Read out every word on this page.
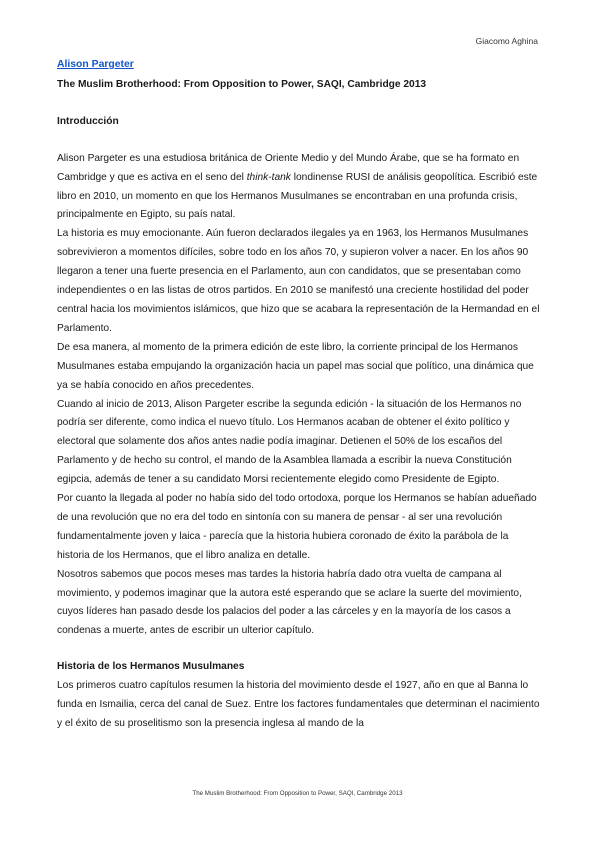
Giacomo Aghina
Alison Pargeter
The Muslim Brotherhood: From Opposition to Power, SAQI, Cambridge 2013
Introducción

Alison Pargeter es una estudiosa británica de Oriente Medio y del Mundo Árabe, que se ha formato en Cambridge y que es activa en el seno del think-tank londinense RUSI de análisis geopolítica. Escribió este libro en 2010, un momento en que los Hermanos Musulmanes se encontraban en una profunda crisis, principalmente en Egipto, su país natal.

La historia es muy emocionante. Aún fueron declarados ilegales ya en 1963, los Hermanos Musulmanes sobrevivieron a momentos difíciles, sobre todo en los años 70, y supieron volver a nacer. En los años 90 llegaron a tener una fuerte presencia en el Parlamento, aun con candidatos, que se presentaban como independientes o en las listas de otros partidos. En 2010 se manifestó una creciente hostilidad del poder central hacia los movimientos islámicos, que hizo que se acabara la representación de la Hermandad en el Parlamento.

De esa manera, al momento de la primera edición de este libro, la corriente principal de los Hermanos Musulmanes estaba empujando la organización hacia un papel mas social que político, una dinámica que ya se había conocido en años precedentes.

Cuando al inicio de 2013, Alison Pargeter escribe la segunda edición - la situación de los Hermanos no podría ser diferente, como indica el nuevo título. Los Hermanos acaban de obtener el éxito político y electoral que solamente dos años antes nadie podía imaginar. Detienen el 50% de los escaños del Parlamento y de hecho su control, el mando de la Asamblea llamada a escribir la nueva Constitución egipcia, además de tener a su candidato Morsi recientemente elegido como Presidente de Egipto.

Por cuanto la llegada al poder no había sido del todo ortodoxa, porque los Hermanos se habían adueñado de una revolución que no era del todo en sintonía con su manera de pensar - al ser una revolución fundamentalmente joven y laica - parecía que la historia hubiera coronado de éxito la parábola de la historia de los Hermanos, que el libro analiza en detalle.

Nosotros sabemos que pocos meses mas tardes la historia habría dado otra vuelta de campana al movimiento, y podemos imaginar que la autora esté esperando que se aclare la suerte del movimiento, cuyos líderes han pasado desde los palacios del poder a las cárceles y en la mayoría de los casos a condenas a muerte, antes de escribir un ulterior capítulo.

Historia de los Hermanos Musulmanes

Los primeros cuatro capítulos resumen la historia del movimiento desde el 1927, año en que al Banna lo funda en Ismailia, cerca del canal de Suez. Entre los factores fundamentales que determinan el nacimiento y el éxito de su proselitismo son la presencia inglesa al mando de la

The Muslim Brotherhood: From Opposition to Power, SAQI, Cambridge 2013
